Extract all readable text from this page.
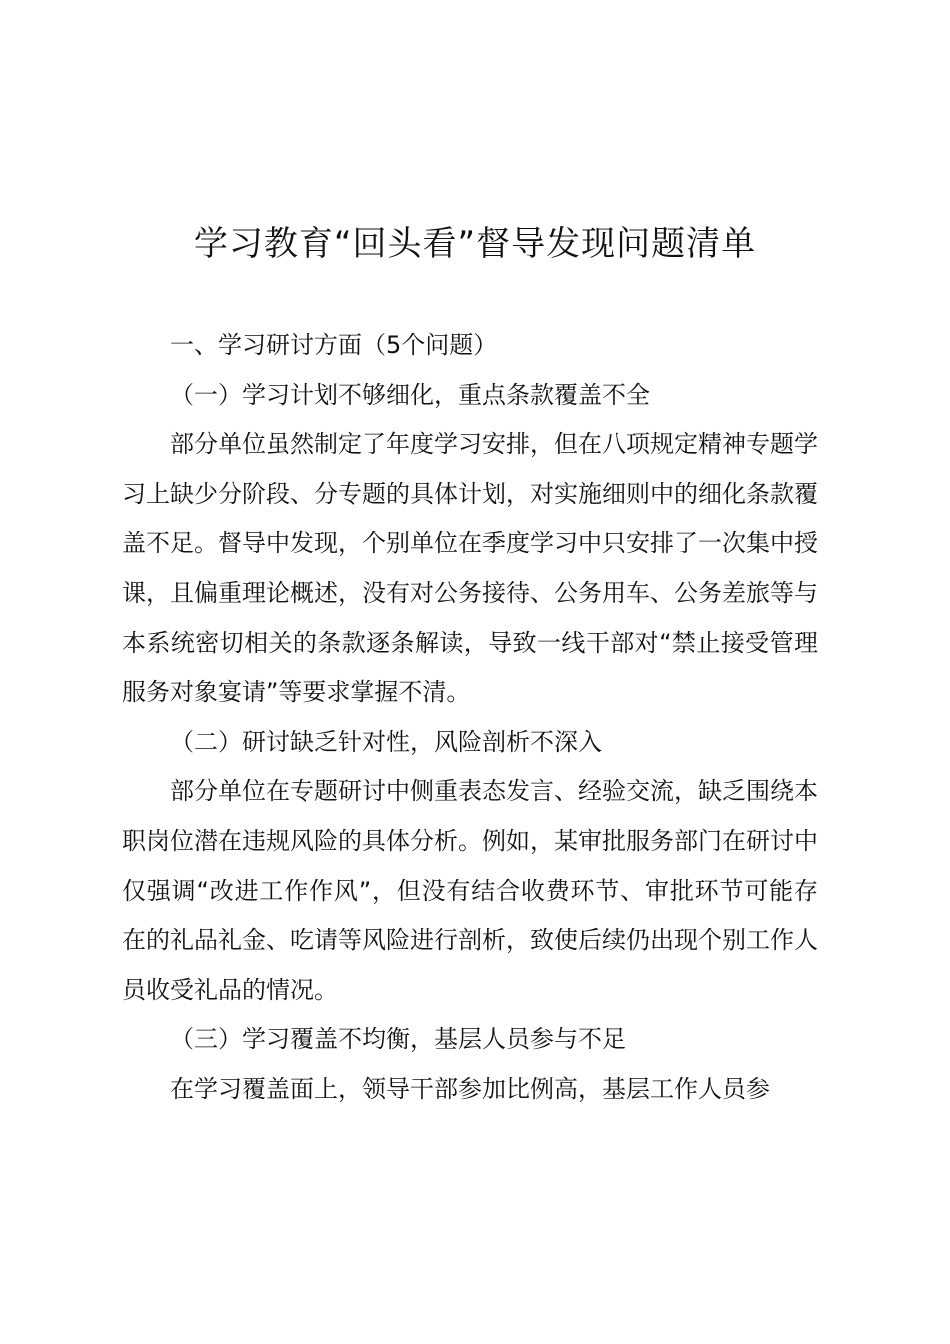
学习教育“回头看”督导发现问题清单

一、学习研讨方面（5个问题）

（一）学习计划不够细化，重点条款覆盖不全

部分单位虽然制定了年度学习安排，但在八项规定精神专题学习上缺少分阶段、分专题的具体计划，对实施细则中的细化条款覆盖不足。督导中发现，个别单位在季度学习中只安排了一次集中授课，且偏重理论概述，没有对公务接待、公务用车、公务差旅等与本系统密切相关的条款逐条解读，导致一线干部对“禁止接受管理服务对象宴请”等要求掌握不清。

（二）研讨缺乏针对性，风险剖析不深入

部分单位在专题研讨中侧重表态发言、经验交流，缺乏围绕本职岗位潜在违规风险的具体分析。例如，某审批服务部门在研讨中仅强调“改进工作作风”，但没有结合收费环节、审批环节可能存在的礼品礼金、吃请等风险进行剖析，致使后续仍出现个别工作人员收受礼品的情况。

（三）学习覆盖不均衡，基层人员参与不足

在学习覆盖面上，领导干部参加比例高，基层工作人员参
